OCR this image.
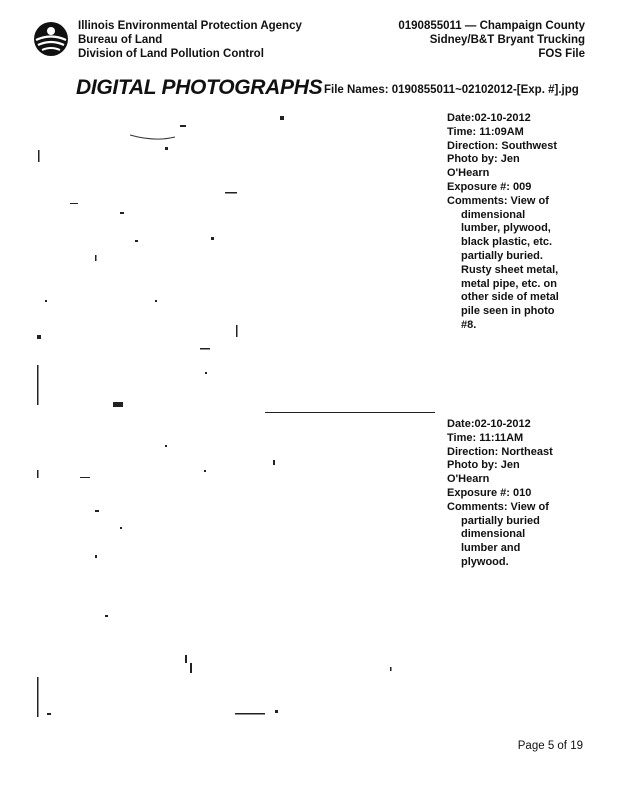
Illinois Environmental Protection Agency
Bureau of Land
Division of Land Pollution Control
0190855011 — Champaign County
Sidney/B&T Bryant Trucking
FOS File
DIGITAL PHOTOGRAPHS File Names: 0190855011~02102012-[Exp. #].jpg
Date:02-10-2012
Time: 11:09AM
Direction: Southwest
Photo by: Jen
O'Hearn
Exposure #: 009
Comments: View of
dimensional
lumber, plywood,
black plastic, etc.
partially buried.
Rusty sheet metal,
metal pipe, etc. on
other side of metal
pile seen in photo
#8.
Date:02-10-2012
Time: 11:11AM
Direction: Northeast
Photo by: Jen
O'Hearn
Exposure #: 010
Comments: View of
partially buried
dimensional
lumber and
plywood.
Page 5 of 19
